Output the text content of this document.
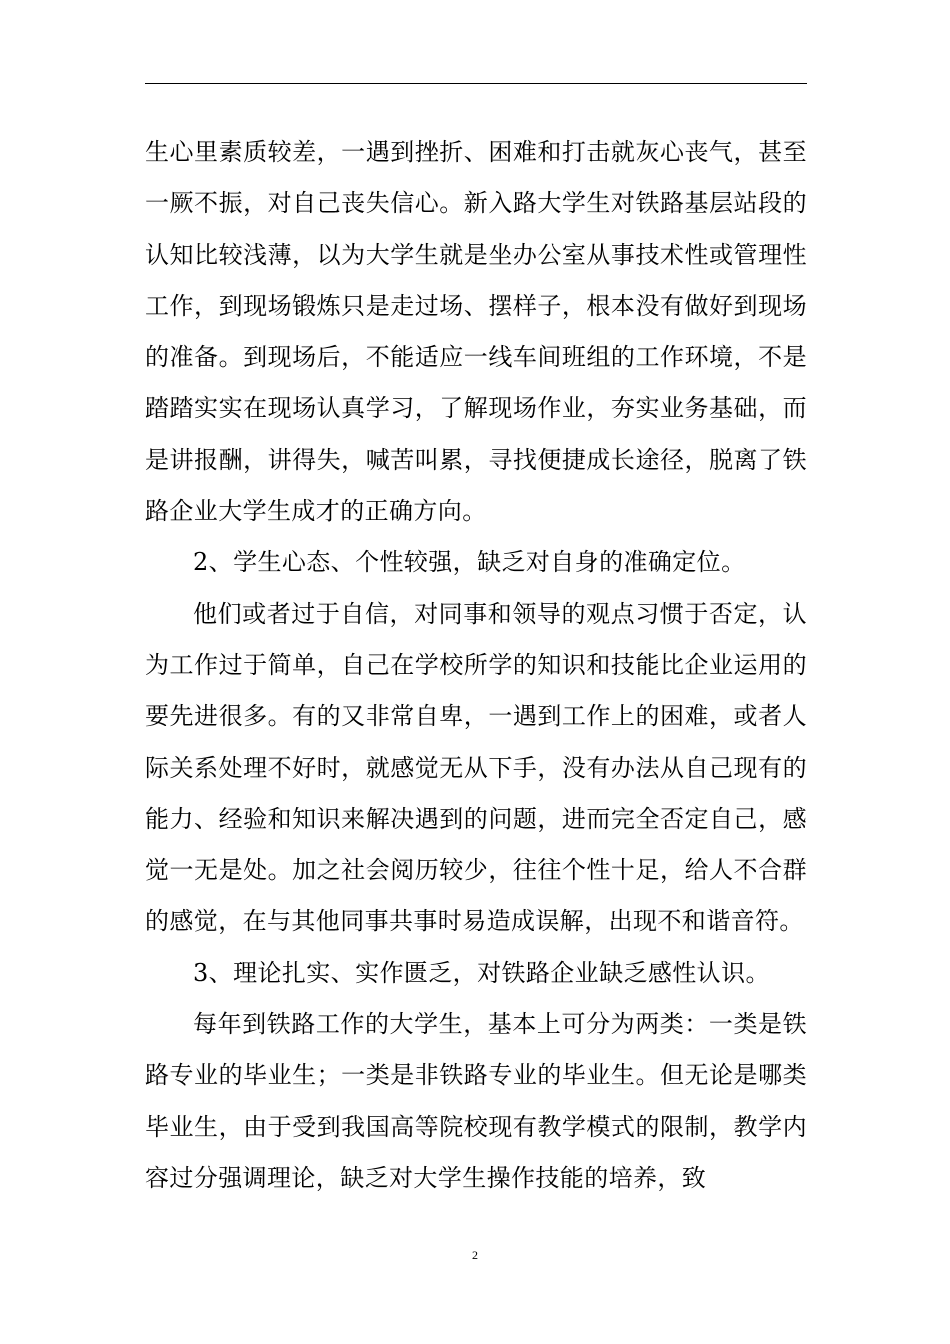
生心里素质较差，一遇到挫折、困难和打击就灰心丧气，甚至一厥不振，对自己丧失信心。新入路大学生对铁路基层站段的认知比较浅薄，以为大学生就是坐办公室从事技术性或管理性工作，到现场锻炼只是走过场、摆样子，根本没有做好到现场的准备。到现场后，不能适应一线车间班组的工作环境，不是踏踏实实在现场认真学习，了解现场作业，夯实业务基础，而是讲报酬，讲得失，喊苦叫累，寻找便捷成长途径，脱离了铁路企业大学生成才的正确方向。

2、学生心态、个性较强，缺乏对自身的准确定位。

他们或者过于自信，对同事和领导的观点习惯于否定，认为工作过于简单，自己在学校所学的知识和技能比企业运用的要先进很多。有的又非常自卑，一遇到工作上的困难，或者人际关系处理不好时，就感觉无从下手，没有办法从自己现有的能力、经验和知识来解决遇到的问题，进而完全否定自己，感觉一无是处。加之社会阅历较少，往往个性十足，给人不合群的感觉，在与其他同事共事时易造成误解，出现不和谐音符。

3、理论扎实、实作匮乏，对铁路企业缺乏感性认识。

每年到铁路工作的大学生，基本上可分为两类：一类是铁路专业的毕业生；一类是非铁路专业的毕业生。但无论是哪类毕业生，由于受到我国高等院校现有教学模式的限制，教学内容过分强调理论，缺乏对大学生操作技能的培养，致

2
